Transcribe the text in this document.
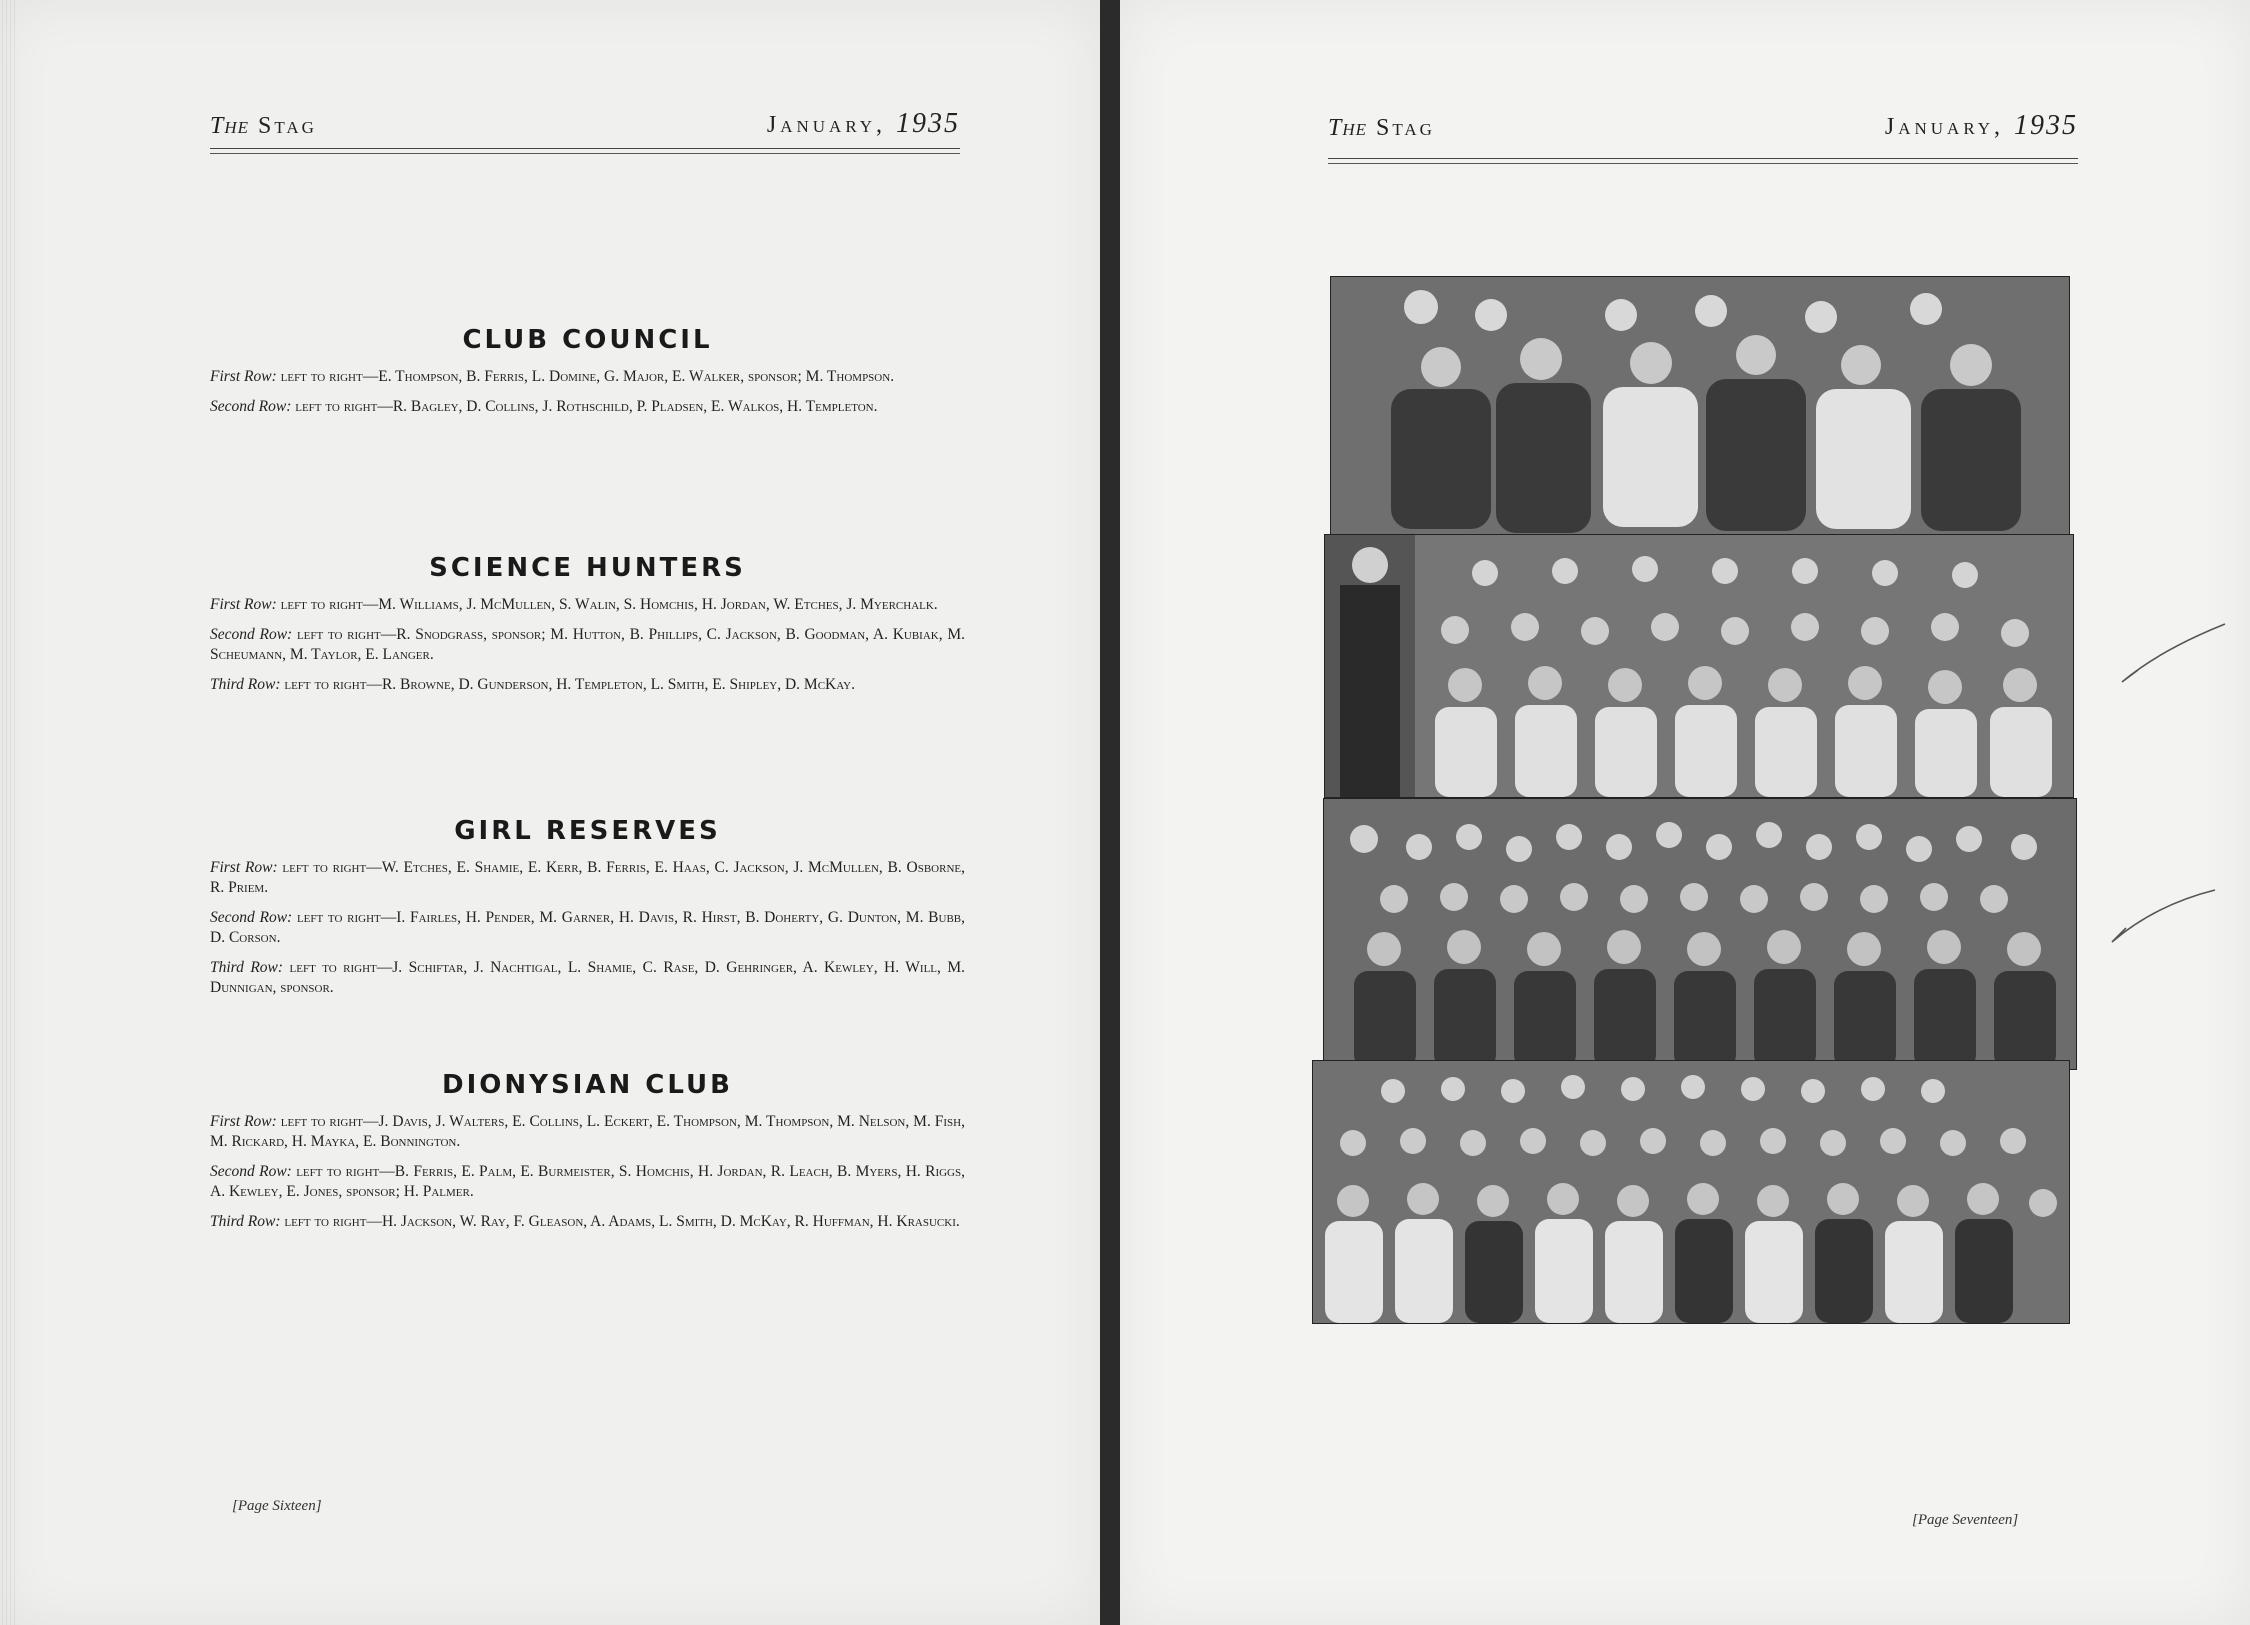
The Stag	January, 1935
CLUB COUNCIL

First Row: left to right—E. Thompson, B. Ferris, L. Domine, G. Major, E. Walker, sponsor; M. Thompson.

Second Row: left to right—R. Bagley, D. Collins, J. Rothschild, P. Pladsen, E. Walkos, H. Templeton.

SCIENCE HUNTERS

First Row: left to right—M. Williams, J. McMullen, S. Walin, S. Homchis, H. Jordan, W. Etches, J. Myerchalk.

Second Row: left to right—R. Snodgrass, sponsor; M. Hutton, B. Phillips, C. Jackson, B. Goodman, A. Kubiak, M. Scheumann, M. Taylor, E. Langer.

Third Row: left to right—R. Browne, D. Gunderson, H. Templeton, L. Smith, E. Shipley, D. McKay.

GIRL RESERVES

First Row: left to right—W. Etches, E. Shamie, E. Kerr, B. Ferris, E. Haas, C. Jackson, J. McMullen, B. Osborne, R. Priem.

Second Row: left to right—I. Fairles, H. Pender, M. Garner, H. Davis, R. Hirst, B. Doherty, G. Dunton, M. Bubb, D. Corson.

Third Row: left to right—J. Schiftar, J. Nachtigal, L. Shamie, C. Rase, D. Gehringer, A. Kewley, H. Will, M. Dunnigan, sponsor.

DIONYSIAN CLUB

First Row: left to right—J. Davis, J. Walters, E. Collins, L. Eckert, E. Thompson, M. Thompson, M. Nelson, M. Fish, M. Rickard, H. Mayka, E. Bonnington.

Second Row: left to right—B. Ferris, E. Palm, E. Burmeister, S. Homchis, H. Jordan, R. Leach, B. Myers, H. Riggs, A. Kewley, E. Jones, sponsor; H. Palmer.

Third Row: left to right—H. Jackson, W. Ray, F. Gleason, A. Adams, L. Smith, D. McKay, R. Huffman, H. Krasucki.

[Page Sixteen]
The Stag	January, 1935
[Page Seventeen]
